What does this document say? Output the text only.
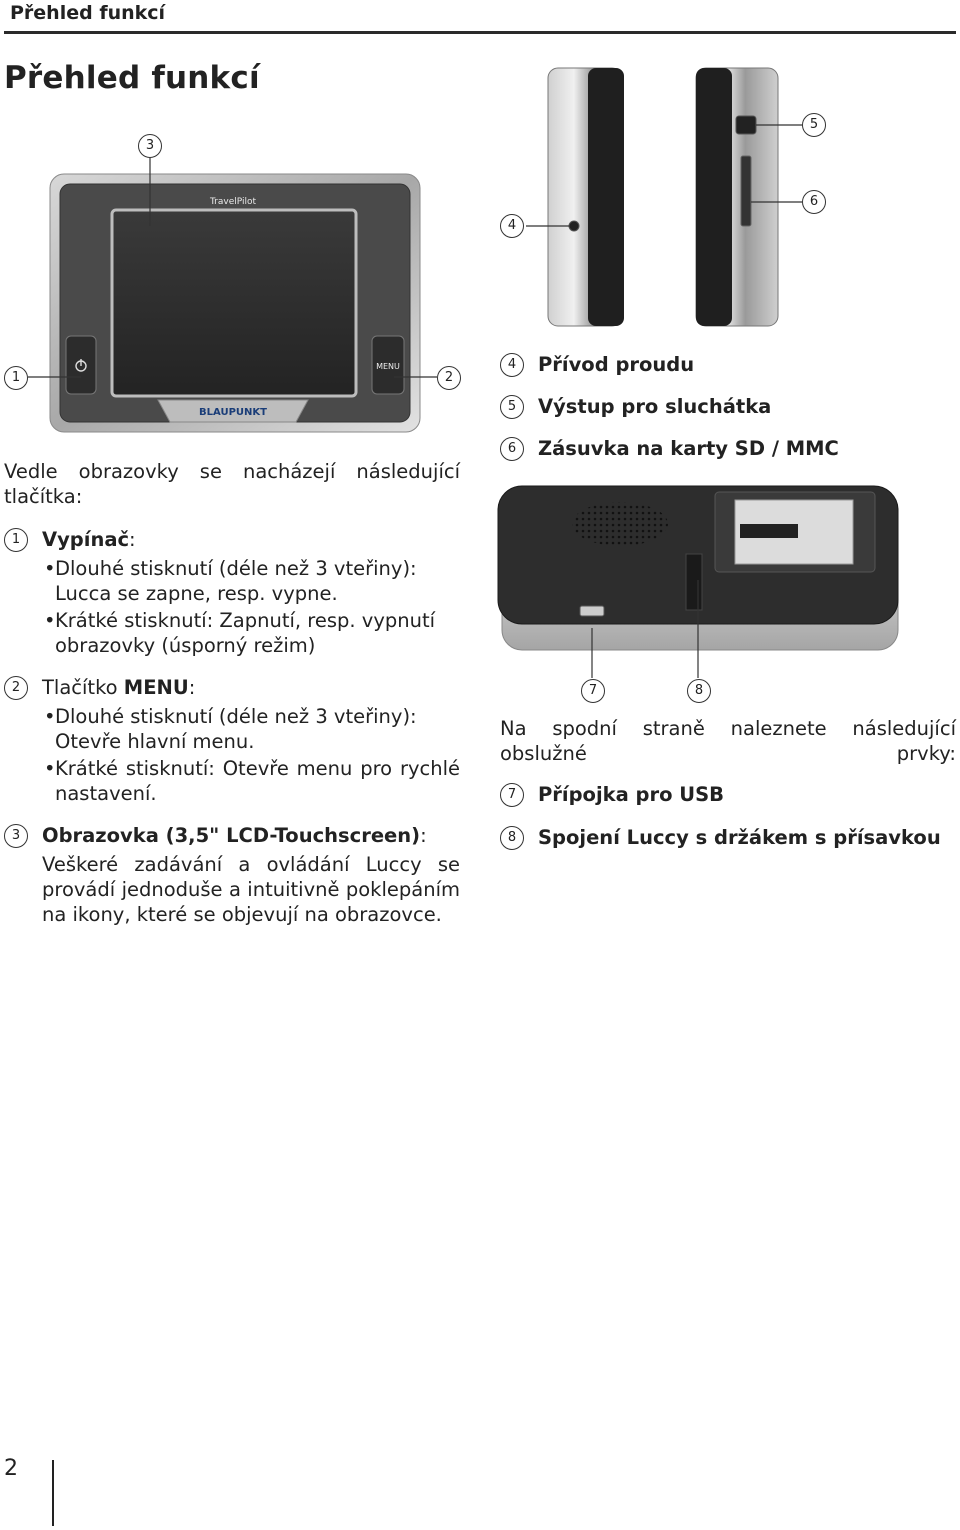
Přehled funkcí
Přehled funkcí
TravelPilot
MENU
BLAUPUNKT
3
1	2
4
5
6
4	Přívod proudu
5	Výstup pro sluchátka
6	Zásuvka na karty SD / MMC
7	8
Na spodní straně naleznete následující obslužné prvky:
7	Přípojka pro USB
8	Spojení Luccy s držákem s přísavkou
Vedle obrazovky se nacházejí následující tlačítka:
1	Vypínač:
• Dlouhé stisknutí (déle než 3 vteřiny): Lucca se zapne, resp. vypne.
• Krátké stisknutí: Zapnutí, resp. vypnutí obrazovky (úsporný režim)
2	Tlačítko MENU:
• Dlouhé stisknutí (déle než 3 vteřiny): Otevře hlavní menu.
• Krátké stisknutí: Otevře menu pro rychlé nastavení.
3	Obrazovka (3,5" LCD-Touchscreen):
Veškeré zadávání a ovládání Luccy se provádí jednoduše a intuitivně poklepáním na ikony, které se objevují na obrazovce.
2
